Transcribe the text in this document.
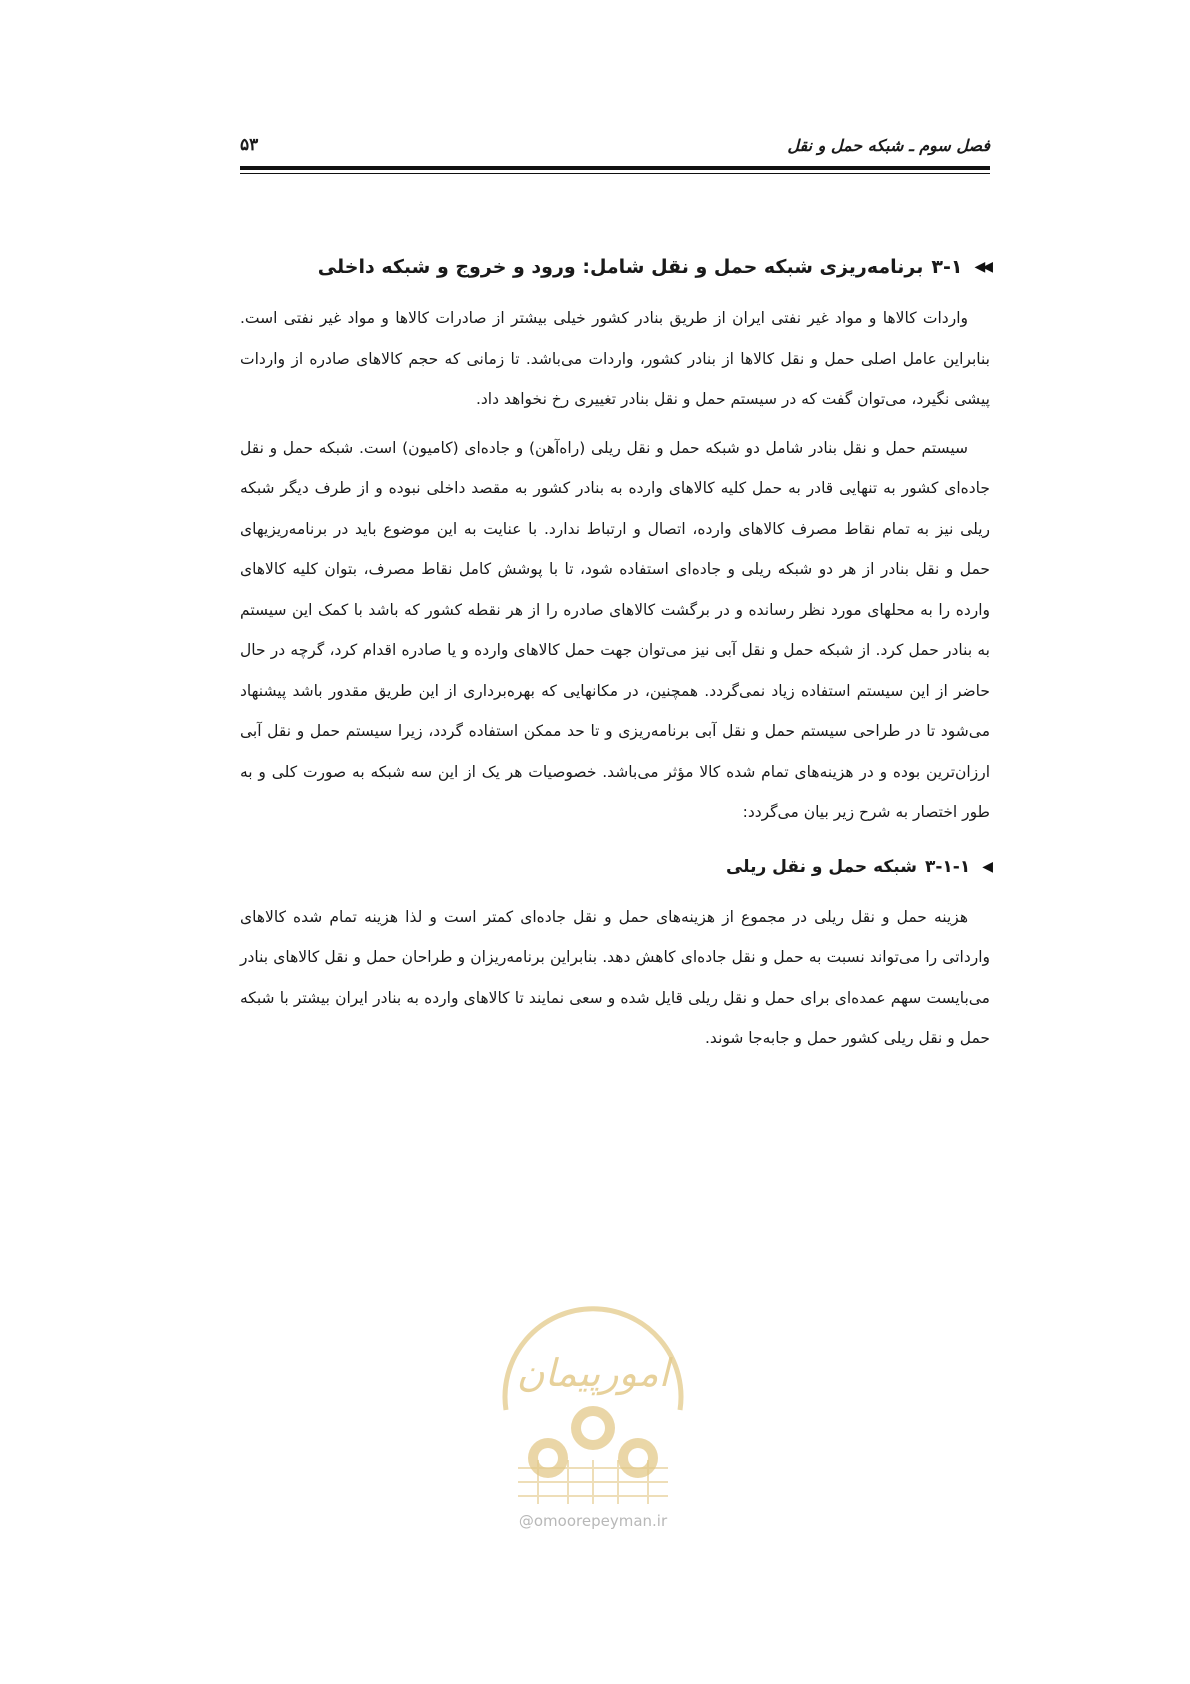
فصل سوم ـ شبکه حمل و نقل
۵۳
◀◀
۳-۱
برنامه‌ریزی شبکه حمل و نقل شامل: ورود و خروج و شبکه داخلی

واردات کالاها و مواد غیر نفتی ایران از طریق بنادر کشور خیلی بیشتر از صادرات کالاها و مواد غیر نفتی است. بنابراین عامل اصلی حمل و نقل کالاها از بنادر کشور، واردات می‌باشد. تا زمانی که حجم کالاهای صادره از واردات پیشی نگیرد، می‌توان گفت که در سیستم حمل و نقل بنادر تغییری رخ نخواهد داد.

سیستم حمل و نقل بنادر شامل دو شبکه حمل و نقل ریلی (راه‌آهن) و جاده‌ای (کامیون) است. شبکه حمل و نقل جاده‌ای کشور به تنهایی قادر به حمل کلیه کالاهای وارده به بنادر کشور به مقصد داخلی نبوده و از طرف دیگر شبکه ریلی نیز به تمام نقاط مصرف کالاهای وارده، اتصال و ارتباط ندارد. با عنایت به این موضوع باید در برنامه‌ریزیهای حمل و نقل بنادر از هر دو شبکه ریلی و جاده‌ای استفاده شود، تا با پوشش کامل نقاط مصرف، بتوان کلیه کالاهای وارده را به محلهای مورد نظر رسانده و در برگشت کالاهای صادره را از هر نقطه کشور که باشد با کمک این سیستم به بنادر حمل کرد. از شبکه حمل و نقل آبی نیز می‌توان جهت حمل کالاهای وارده و یا صادره اقدام کرد، گرچه در حال حاضر از این سیستم استفاده زیاد نمی‌گردد. همچنین، در مکانهایی که بهره‌برداری از این طریق مقدور باشد پیشنهاد می‌شود تا در طراحی سیستم حمل و نقل آبی برنامه‌ریزی و تا حد ممکن استفاده گردد، زیرا سیستم حمل و نقل آبی ارزان‌ترین بوده و در هزینه‌های تمام شده کالا مؤثر می‌باشد. خصوصیات هر یک از این سه شبکه به صورت کلی و به طور اختصار به شرح زیر بیان می‌گردد:

◀
۳-۱-۱
شبکه حمل و نقل ریلی

هزینه حمل و نقل ریلی در مجموع از هزینه‌های حمل و نقل جاده‌ای کمتر است و لذا هزینه تمام شده کالاهای وارداتی را می‌تواند نسبت به حمل و نقل جاده‌ای کاهش دهد. بنابراین برنامه‌ریزان و طراحان حمل و نقل کالاهای بنادر می‌بایست سهم عمده‌ای برای حمل و نقل ریلی قایل شده و سعی نمایند تا کالاهای وارده به بنادر ایران بیشتر با شبکه حمل و نقل ریلی کشور حمل و جابه‌جا شوند.

امورپیمان
@omoorepeyman.ir
